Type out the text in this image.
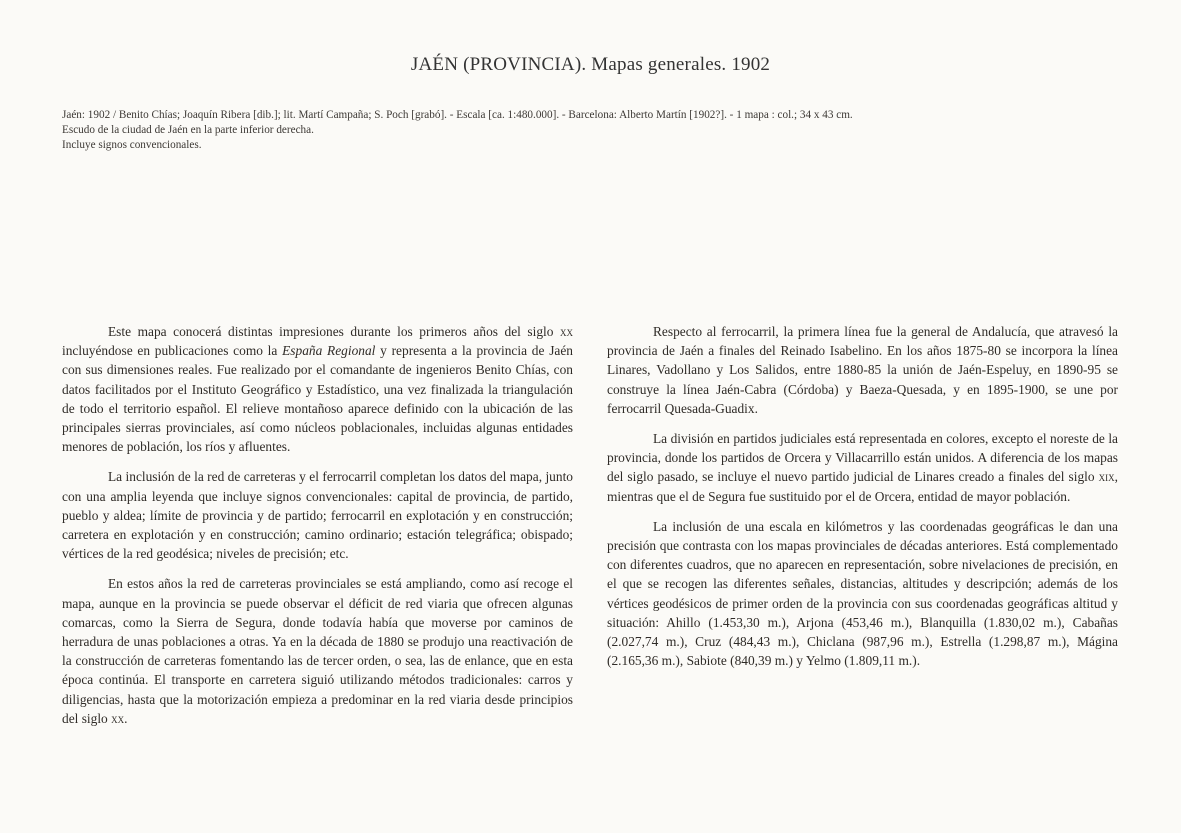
JAÉN (PROVINCIA). Mapas generales. 1902
Jaén: 1902 / Benito Chías; Joaquín Ribera [dib.]; lit. Martí Campaña; S. Poch [grabó]. - Escala [ca. 1:480.000]. - Barcelona: Alberto Martín [1902?]. - 1 mapa : col.; 34 x 43 cm.
Escudo de la ciudad de Jaén en la parte inferior derecha.
Incluye signos convencionales.

Este mapa conocerá distintas impresiones durante los primeros años del siglo xx incluyéndose en publicaciones como la España Regional y representa a la provincia de Jaén con sus dimensiones reales. Fue realizado por el comandante de ingenieros Benito Chías, con datos facilitados por el Instituto Geográfico y Estadístico, una vez finalizada la triangulación de todo el territorio español. El relieve montañoso aparece definido con la ubicación de las principales sierras provinciales, así como núcleos poblacionales, incluidas algunas entidades menores de población, los ríos y afluentes.

La inclusión de la red de carreteras y el ferrocarril completan los datos del mapa, junto con una amplia leyenda que incluye signos convencionales: capital de provincia, de partido, pueblo y aldea; límite de provincia y de partido; ferrocarril en explotación y en construcción; carretera en explotación y en construcción; camino ordinario; estación telegráfica; obispado; vértices de la red geodésica; niveles de precisión; etc.

En estos años la red de carreteras provinciales se está ampliando, como así recoge el mapa, aunque en la provincia se puede observar el déficit de red viaria que ofrecen algunas comarcas, como la Sierra de Segura, donde todavía había que moverse por caminos de herradura de unas poblaciones a otras. Ya en la década de 1880 se produjo una reactivación de la construcción de carreteras fomentando las de tercer orden, o sea, las de enlance, que en esta época continúa. El transporte en carretera siguió utilizando métodos tradicionales: carros y diligencias, hasta que la motorización empieza a predominar en la red viaria desde principios del siglo xx.

Respecto al ferrocarril, la primera línea fue la general de Andalucía, que atravesó la provincia de Jaén a finales del Reinado Isabelino. En los años 1875-80 se incorpora la línea Linares, Vadollano y Los Salidos, entre 1880-85 la unión de Jaén-Espeluy, en 1890-95 se construye la línea Jaén-Cabra (Córdoba) y Baeza-Quesada, y en 1895-1900, se une por ferrocarril Quesada-Guadix.

La división en partidos judiciales está representada en colores, excepto el noreste de la provincia, donde los partidos de Orcera y Villacarrillo están unidos. A diferencia de los mapas del siglo pasado, se incluye el nuevo partido judicial de Linares creado a finales del siglo xix, mientras que el de Segura fue sustituido por el de Orcera, entidad de mayor población.

La inclusión de una escala en kilómetros y las coordenadas geográficas le dan una precisión que contrasta con los mapas provinciales de décadas anteriores. Está complementado con diferentes cuadros, que no aparecen en representación, sobre nivelaciones de precisión, en el que se recogen las diferentes señales, distancias, altitudes y descripción; además de los vértices geodésicos de primer orden de la provincia con sus coordenadas geográficas altitud y situación: Ahillo (1.453,30 m.), Arjona (453,46 m.), Blanquilla (1.830,02 m.), Cabañas (2.027,74 m.), Cruz (484,43 m.), Chiclana (987,96 m.), Estrella (1.298,87 m.), Mágina (2.165,36 m.), Sabiote (840,39 m.) y Yelmo (1.809,11 m.).
